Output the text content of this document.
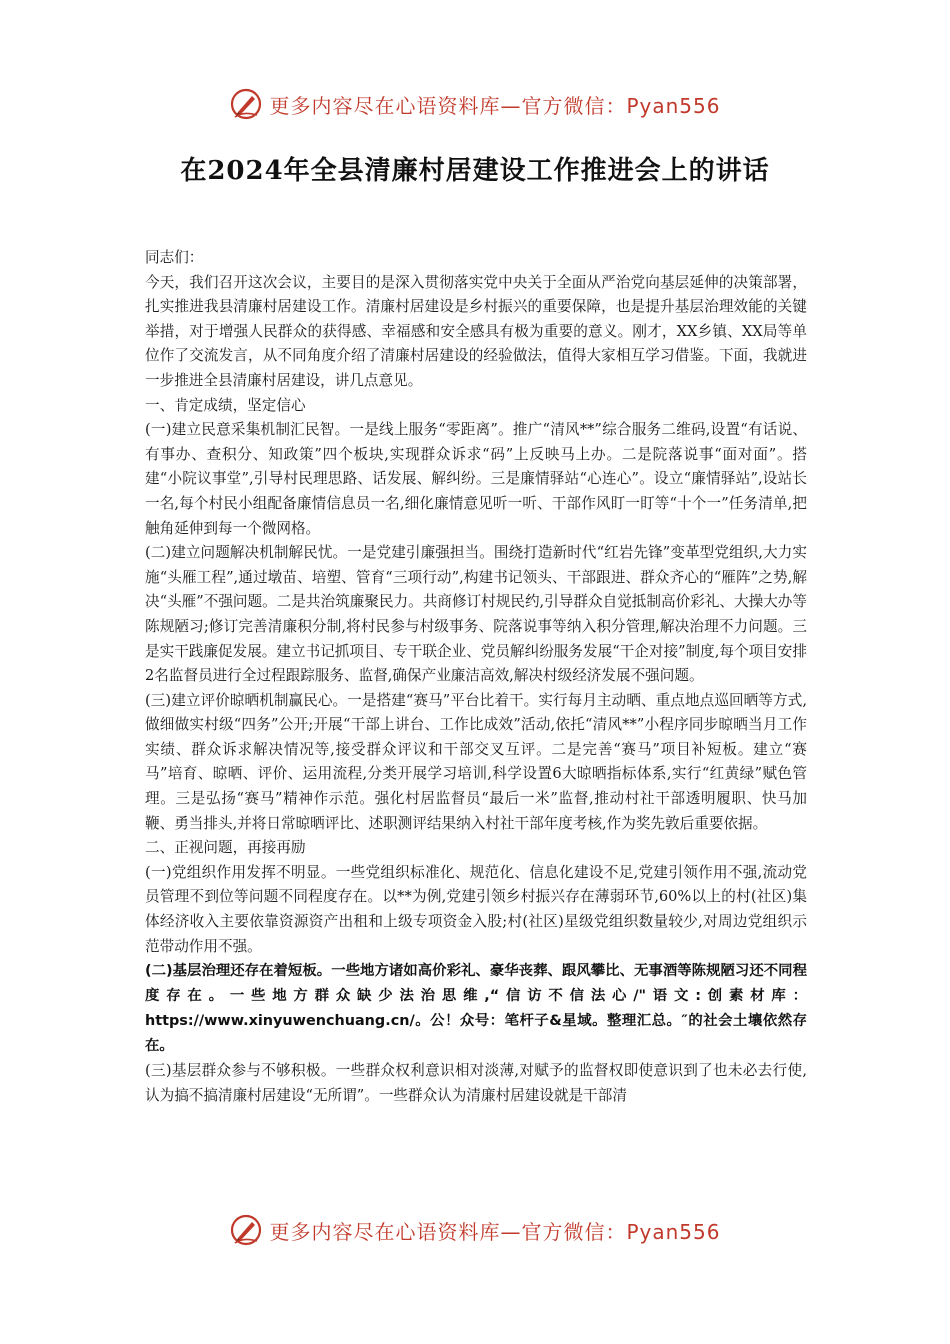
更多内容尽在心语资料库—官方微信：Pyan556
在2024年全县清廉村居建设工作推进会上的讲话

同志们：

今天，我们召开这次会议，主要目的是深入贯彻落实党中央关于全面从严治党向基层延伸的决策部署，扎实推进我县清廉村居建设工作。清廉村居建设是乡村振兴的重要保障，也是提升基层治理效能的关键举措，对于增强人民群众的获得感、幸福感和安全感具有极为重要的意义。刚才，XX乡镇、XX局等单位作了交流发言，从不同角度介绍了清廉村居建设的经验做法，值得大家相互学习借鉴。下面，我就进一步推进全县清廉村居建设，讲几点意见。

一、肯定成绩，坚定信心

(一)建立民意采集机制汇民智。一是线上服务“零距离”。推广“清风**”综合服务二维码,设置“有话说、有事办、查积分、知政策”四个板块,实现群众诉求“码”上反映马上办。二是院落说事“面对面”。搭建“小院议事堂”,引导村民理思路、话发展、解纠纷。三是廉情驿站“心连心”。设立“廉情驿站”,设站长一名,每个村民小组配备廉情信息员一名,细化廉情意见听一听、干部作风盯一盯等“十个一”任务清单,把触角延伸到每一个微网格。

(二)建立问题解决机制解民忧。一是党建引廉强担当。围绕打造新时代“红岩先锋”变革型党组织,大力实施“头雁工程”,通过墩苗、培塑、管育“三项行动”,构建书记领头、干部跟进、群众齐心的“雁阵”之势,解决“头雁”不强问题。二是共治筑廉聚民力。共商修订村规民约,引导群众自觉抵制高价彩礼、大操大办等陈规陋习;修订完善清廉积分制,将村民参与村级事务、院落说事等纳入积分管理,解决治理不力问题。三是实干践廉促发展。建立书记抓项目、专干联企业、党员解纠纷服务发展“干企对接”制度,每个项目安排2名监督员进行全过程跟踪服务、监督,确保产业廉洁高效,解决村级经济发展不强问题。

(三)建立评价晾晒机制赢民心。一是搭建“赛马”平台比着干。实行每月主动晒、重点地点巡回晒等方式,做细做实村级“四务”公开;开展“干部上讲台、工作比成效”活动,依托“清风**”小程序同步晾晒当月工作实绩、群众诉求解决情况等,接受群众评议和干部交叉互评。二是完善“赛马”项目补短板。建立“赛马”培育、晾晒、评价、运用流程,分类开展学习培训,科学设置6大晾晒指标体系,实行“红黄绿”赋色管理。三是弘扬“赛马”精神作示范。强化村居监督员“最后一米”监督,推动村社干部透明履职、快马加鞭、勇当排头,并将日常晾晒评比、述职测评结果纳入村社干部年度考核,作为奖先敦后重要依据。

二、正视问题，再接再励

(一)党组织作用发挥不明显。一些党组织标准化、规范化、信息化建设不足,党建引领作用不强,流动党员管理不到位等问题不同程度存在。以**为例,党建引领乡村振兴存在薄弱环节,60%以上的村(社区)集体经济收入主要依靠资源资产出租和上级专项资金入股;村(社区)星级党组织数量较少,对周边党组织示范带动作用不强。

(二)基层治理还存在着短板。一些地方诸如高价彩礼、豪华丧葬、跟风攀比、无事酒等陈规陋习还不同程度存在。一些地方群众缺少法治思维,“信访不信法心/"语文:创素材库：https://www.xinyuwenchuang.cn/。公！众号：笔杆子&星域。整理汇总。″的社会土壤依然存在。

(三)基层群众参与不够积极。一些群众权利意识相对淡薄,对赋予的监督权即使意识到了也未必去行使,认为搞不搞清廉村居建设“无所谓”。一些群众认为清廉村居建设就是干部清

更多内容尽在心语资料库—官方微信：Pyan556
